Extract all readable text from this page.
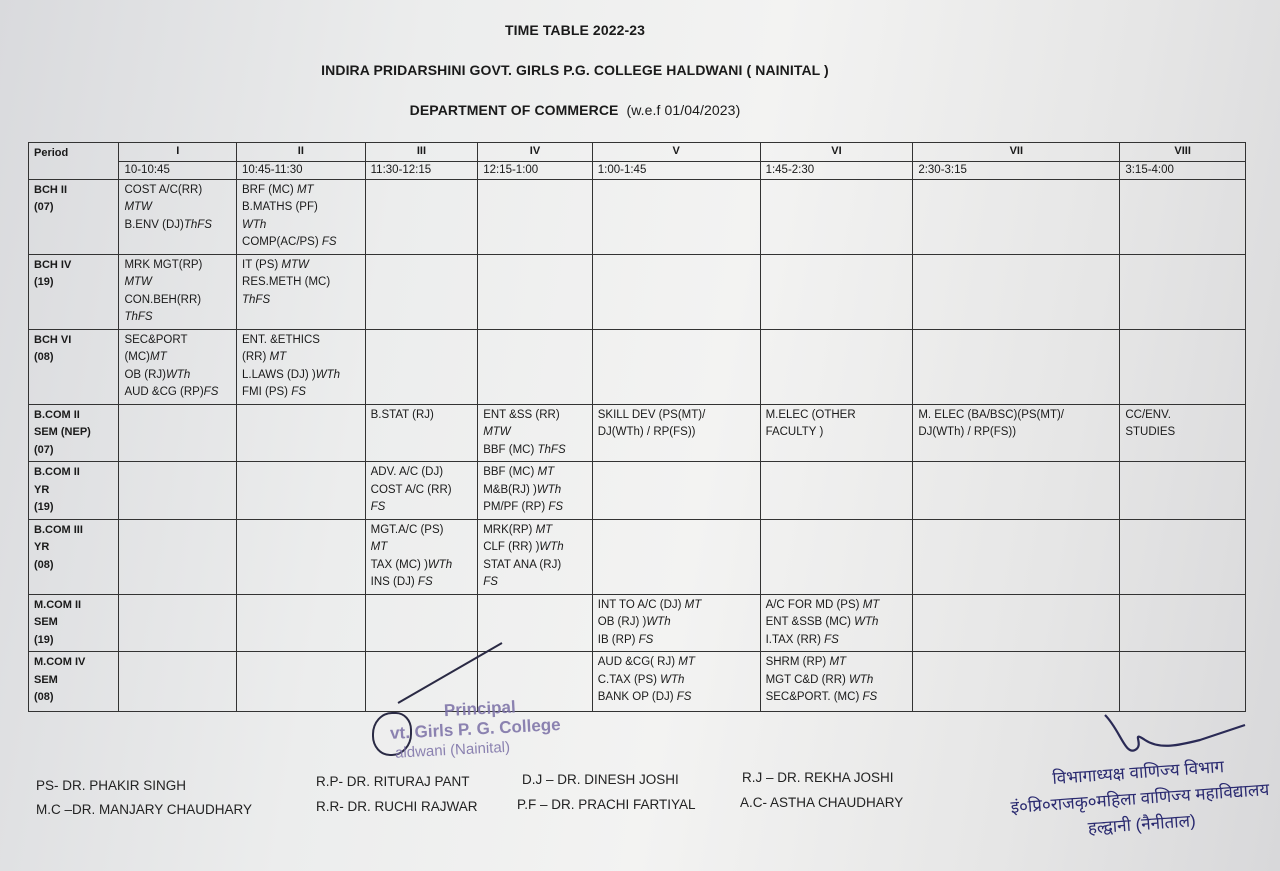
TIME TABLE 2022-23
INDIRA PRIDARSHINI GOVT. GIRLS P.G. COLLEGE HALDWANI ( NAINITAL )
DEPARTMENT OF COMMERCE (w.e.f 01/04/2023)
Period	I	II	III	IV	V	VI	VII	VIII
	10-10:45	10:45-11:30	11:30-12:15	12:15-1:00	1:00-1:45	1:45-2:30	2:30-3:15	3:15-4:00

BCH II
(07)	COST A/C(RR)
MTW
B.ENV (DJ)ThFS	BRF (MC) MT
B.MATHS (PF)
WTh
COMP(AC/PS) FS						

BCH IV
(19)	MRK MGT(RP)
MTW
CON.BEH(RR)
ThFS	IT (PS) MTW
RES.METH (MC)
ThFS						

BCH VI
(08)	SEC&PORT
(MC)MT
OB (RJ)WTh
AUD &CG (RP)FS	ENT. &ETHICS
(RR) MT
L.LAWS (DJ) )WTh
FMI (PS) FS						

B.COM II
SEM (NEP)
(07)			B.STAT (RJ)	ENT &SS (RR)
MTW
BBF (MC) ThFS	SKILL DEV (PS(MT)/
DJ(WTh) / RP(FS))	M.ELEC (OTHER
FACULTY )	M. ELEC (BA/BSC)(PS(MT)/
DJ(WTh) / RP(FS))	CC/ENV.
STUDIES

B.COM II
YR
(19)			ADV. A/C (DJ)
COST A/C (RR)
FS	BBF (MC) MT
M&B(RJ) )WTh
PM/PF (RP) FS				

B.COM III
YR
(08)			MGT.A/C (PS)
MT
TAX (MC) )WTh
INS (DJ) FS	MRK(RP) MT
CLF (RR) )WTh
STAT ANA (RJ)
FS				

M.COM II
SEM
(19)					INT TO A/C (DJ) MT
OB (RJ) )WTh
IB (RP) FS	A/C FOR MD (PS) MT
ENT &SSB (MC) WTh
I.TAX (RR) FS		

M.COM IV
SEM
(08)					AUD &CG( RJ) MT
C.TAX (PS) WTh
BANK OP (DJ) FS	SHRM (RP) MT
MGT C&D (RR) WTh
SEC&PORT. (MC) FS		

Principal
vt. Girls P. G. College
aldwani (Nainital)
PS- DR. PHAKIR SINGH
M.C –DR. MANJARY CHAUDHARY
R.P- DR. RITURAJ PANT
R.R- DR. RUCHI RAJWAR
D.J – DR. DINESH JOSHI
P.F – DR. PRACHI FARTIYAL
R.J – DR. REKHA JOSHI
A.C- ASTHA CHAUDHARY
विभागाध्यक्ष वाणिज्य विभाग
इं०प्रि०राजकृ०महिला वाणिज्य महाविद्यालय
हल्द्वानी (नैनीताल)
